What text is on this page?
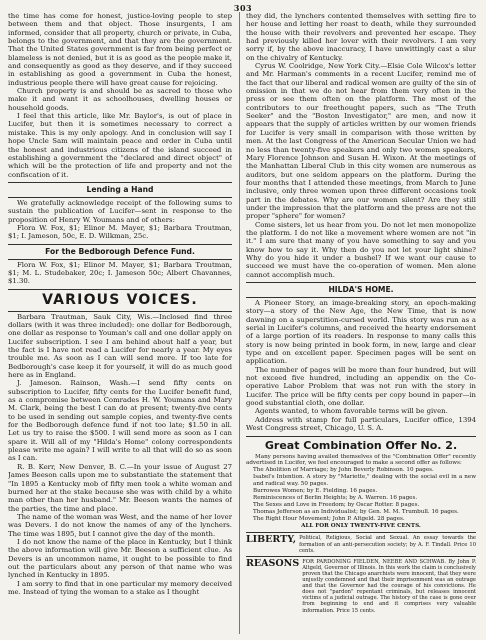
303

the time has come for honest, justice-loving people to step between them and that object. Those insurgents, I am informed, consider that all property, church or private, in Cuba, belongs to the government, and that they are the government. That the United States government is far from being perfect or blameless is not denied, but it is as good as the people make it, and consequently as good as they deserve, and if they succeed in establishing as good a government in Cuba the honest, industrious people there will have great cause for rejoicing.

Church property is and should be as sacred to those who make it and want it as schoolhouses, dwelling houses or household goods.

I feel that this article, like Mr. Baylor's, is out of place in Lucifer, but then it is sometimes necessary to correct a mistake. This is my only apology. And in conclusion will say I hope Uncle Sam will maintain peace and order in Cuba until the honest and industrious citizens of the island succeed in establishing a government the "declared and direct object" of which will be the protection of life and property and not the confiscation of it.

Lending a Hand

We gratefully acknowledge receipt of the following sums to sustain the publication of Lucifer—sent in response to the proposition of Henry W. Youmans and of others:

Flora W. Fox, $1; Elinor M. Mayer, $1; Barbara Troutman, $1; I. Jameson, 50c, E. D. Wilkman, 25c.

For the Bedborough Defence Fund.

Flora W. Fox, $1; Elinor M. Mayer, $1; Barbara Troutman, $1; M. L. Studebaker, 20c; I. Jameson 50c; Albert Chavannes, $1.30.

VARIOUS VOICES.

Barbara Trautman, Sauk City, Wis.—Inclosed find three dollars (with it was three included): one dollar for Bedborough, one dollar as response to Youman's call and one dollar apply on Lucifer subscription. I see I am behind about half a year, but the fact is I have not read a Lucifer for nearly a year. My eyes trouble me. As soon as I can will send more. If too late for Bedborough's case keep it for yourself, it will do as much good here as in England.

J. Jameson. Rainson, Wash.—I send fifty cents on subscription to Lucifer, fifty cents for the Lucifer benefit fund, as a compromise between Comrades H. W. Youmans and Mary M. Clark, being the best I can do at present; twenty-five cents to be used in sending out sample copies, and twenty-five cents for the Bedborough defence fund if not too late; $1.50 in all. Let us try to raise the $500. I will send more as soon as I can spare it. Will all of my "Hilda's Home" colony correspondents please write me again? I will write to all that will do so as soon as I can.

R. B. Kerr, New Denver, B. C.—In your issue of August 27 James Beeson calls upon me to substantiate the statement that "In 1895 a Kentucky mob of fifty men took a white woman and burned her at the stake because she was with child by a white man other than her husband." Mr. Beeson wants the names of the parties, the time and place.

The name of the woman was West, and the name of her lover was Devers. I do not know the names of any of the lynchers. The time was 1895, but I cannot give the day of the month.

I do not know the name of the place in Kentucky, but I think the above information will give Mr. Beeson a sufficient clue. As Devers is an uncommon name, it ought to be possible to find out the particulars about any person of that name who was lynched in Kentucky in 1895.

I am sorry to find that in one particular my memory deceived me. Instead of tying the woman to a stake as I thought

they did, the lynchers contented themselves with setting fire to her house and letting her roast to death, while they surrounded the house with their revolvers and prevented her escape. They had previously killed her lover with their revolvers. I am very sorry if, by the above inaccuracy, I have unwittingly cast a slur on the chivalry of Kentucky.

Cyrus W. Coolridge, New York City.—Elsie Cole Wilcox's letter and Mr. Harman's comments in a recent Lucifer, remind me of the fact that our liberal and radical women are guilty of the sin of omission in that we do not hear from them very often in the press or see them often on the platform. The most of the contributors to our freethought papers, such as "The Truth Seeker" and the "Boston Investigator," are men, and now it appears that the supply of articles written by our women friends for Lucifer is very small in comparison with those written by men. At the last Congress of the American Secular Union we had no less than twenty-five speakers and only two women speakers, Mary Florence Johnson and Susan H. Wixon. At the meetings of the Manhattan Liberal Club in this city women are numerous as auditors, but one seldom appears on the platform. During the four months that I attended these meetings, from March to June inclusive, only three women upon three different occasions took part in the debates. Why are our women silent? Are they still under the impression that the platform and the press are not the proper "sphere" for women?

Come sisters, let us hear from you. Do not let men monopolize the platform. I do not like a movement where women are not "in it." I am sure that many of you have something to say and you know how to say it. Why then do you not let your light shine? Why do you hide it under a bushel? If we want our cause to succeed we must have the co-operation of women. Men alone cannot accomplish much.

HILDA'S HOME.

A Pioneer Story, an image-breaking story, an epoch-making story—a story of the New Age, the New Time, that is now dawning on a superstition-cursed world. This story was run as a serial in Lucifer's columns, and received the hearty endorsement of a large portion of its readers. In response to many calls this story is now being printed in book form, in new, large and clear type and on excellent paper. Specimen pages will be sent on application.

The number of pages will be more than four hundred, but will not exceed five hundred, including an appendix on the Co-operative Labor Problem that was not run with the story in Lucifer. The price will be fifty cents per copy bound in paper—in good substantial cloth, one dollar.

Agents wanted, to whom favorable terms will be given.

Address with stamp for full particulars, Lucifer office, 1394 West Congress street, Chicago, U. S. A.

Great Combination Offer No. 2.

Many persons having availed themselves of the "Combination Offer" recently advertised in Lucifer, we feel encouraged to make a second offer as follows:

The Abolition of Marriage; by John Beverly Robinson. 10 pages.
Isabel's Intention. A story by "Mariette," dealing with the social evil in a new and radical way. 50 pages.
Burrowes Women; by E. Fielding. 16 pages.
Reminiscences of Berlin Heights; by A. Warren. 16 pages.
The Sexes and Love in Freedom; by Oscar Rotter. 8 pages.
Thomas Jefferson as an Individualist; by Gen. M. M. Trumbull. 16 pages.
The Right Hour Movement; John P. Altgeld. 28 pages.

ALL FOR ONLY TWENTY-FIVE CENTS.

LIBERTY, Political, Religious, Social and Sexual. An essay towards the formation of an anti-persecution society; by A. F. Tindall. Price 10 cents.
REASONS FOR PARDONING FIELDEN, NEEBE AND SCHWAB. By John P. Altgeld, Governor of Illinois. In this work the claim is conclusively proven that the Chicago anarchists were innocent, that they were unjustly condemned and that their imprisonment was an outrage and that the Governor had the courage of his convictions. He does not "pardon" repentant criminals, but releases innocent victims of a judicial outrage. The history of the case is gone over from beginning to end and it comprises very valuable information. Price 15 cents.
